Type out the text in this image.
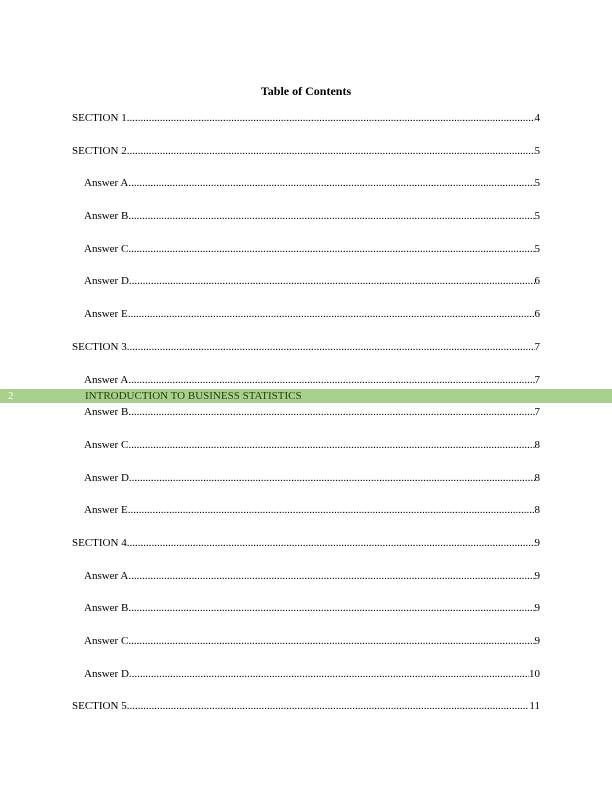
Table of Contents
SECTION 1 .....	4
SECTION 2 .....	5
Answer A .....	5
Answer B .....	5
Answer C .....	5
Answer D .....	6
Answer E .....	6
SECTION 3 .....	7
Answer A .....	7
Answer B .....	7
Answer C .....	8
Answer D .....	8
Answer E .....	8
SECTION 4 .....	9
Answer A .....	9
Answer B .....	9
Answer C .....	9
Answer D .....	10
SECTION 5 .....	11
2	INTRODUCTION TO BUSINESS STATISTICS
